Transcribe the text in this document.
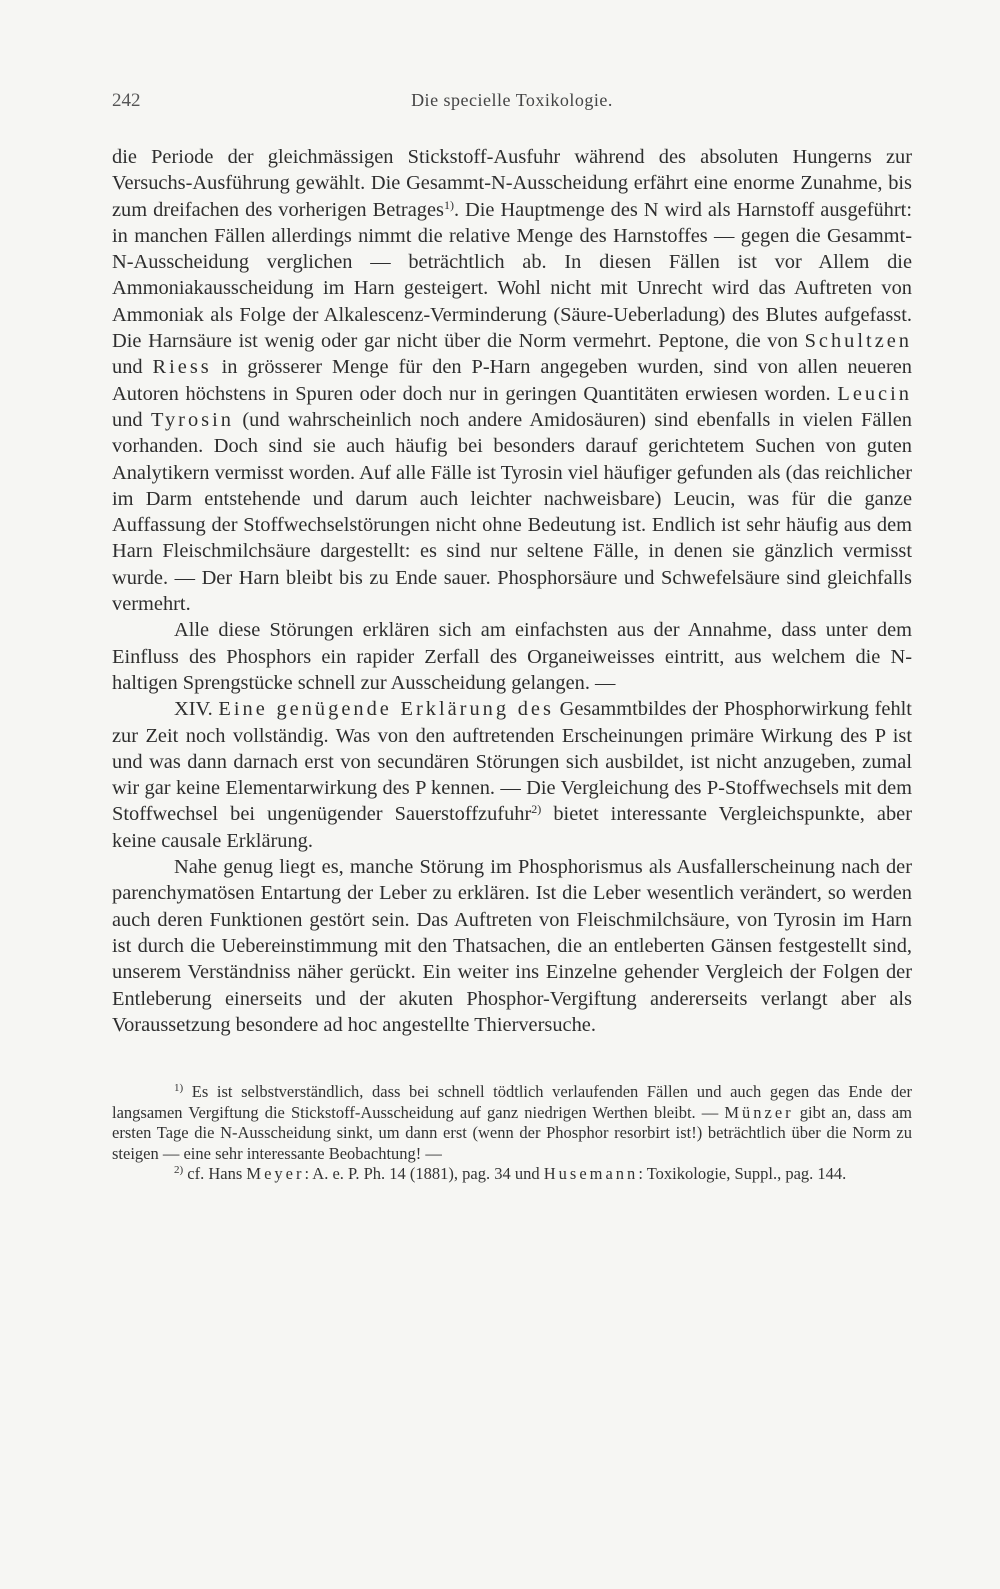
242	Die specielle Toxikologie.

die Periode der gleichmässigen Stickstoff-Ausfuhr während des absoluten Hungerns zur Versuchs-Ausführung gewählt. Die Gesammt-N-Ausscheidung erfährt eine enorme Zunahme, bis zum dreifachen des vorherigen Betrages$^{1)}$. Die Hauptmenge des N wird als Harnstoff ausgeführt: in manchen Fällen allerdings nimmt die relative Menge des Harnstoffes — gegen die Gesammt-N-Ausscheidung verglichen — beträchtlich ab. In diesen Fällen ist vor Allem die Ammoniakausscheidung im Harn gesteigert. Wohl nicht mit Unrecht wird das Auftreten von Ammoniak als Folge der Alkalescenz-Verminderung (Säure-Ueberladung) des Blutes aufgefasst. Die Harnsäure ist wenig oder gar nicht über die Norm vermehrt. Peptone, die von Schultzen und Riess in grösserer Menge für den P-Harn angegeben wurden, sind von allen neueren Autoren höchstens in Spuren oder doch nur in geringen Quantitäten erwiesen worden. Leucin und Tyrosin (und wahrscheinlich noch andere Amidosäuren) sind ebenfalls in vielen Fällen vorhanden. Doch sind sie auch häufig bei besonders darauf gerichtetem Suchen von guten Analytikern vermisst worden. Auf alle Fälle ist Tyrosin viel häufiger gefunden als (das reichlicher im Darm entstehende und darum auch leichter nachweisbare) Leucin, was für die ganze Auffassung der Stoffwechselstörungen nicht ohne Bedeutung ist. Endlich ist sehr häufig aus dem Harn Fleischmilchsäure dargestellt: es sind nur seltene Fälle, in denen sie gänzlich vermisst wurde. — Der Harn bleibt bis zu Ende sauer. Phosphorsäure und Schwefelsäure sind gleichfalls vermehrt.

Alle diese Störungen erklären sich am einfachsten aus der Annahme, dass unter dem Einfluss des Phosphors ein rapider Zerfall des Organeiweisses eintritt, aus welchem die N-haltigen Sprengstücke schnell zur Ausscheidung gelangen. —

XIV. Eine genügende Erklärung des Gesammtbildes der Phosphorwirkung fehlt zur Zeit noch vollständig. Was von den auftretenden Erscheinungen primäre Wirkung des P ist und was dann darnach erst von secundären Störungen sich ausbildet, ist nicht anzugeben, zumal wir gar keine Elementarwirkung des P kennen. — Die Vergleichung des P-Stoffwechsels mit dem Stoffwechsel bei ungenügender Sauerstoffzufuhr$^{2)}$ bietet interessante Vergleichspunkte, aber keine causale Erklärung.

Nahe genug liegt es, manche Störung im Phosphorismus als Ausfallerscheinung nach der parenchymatösen Entartung der Leber zu erklären. Ist die Leber wesentlich verändert, so werden auch deren Funktionen gestört sein. Das Auftreten von Fleischmilchsäure, von Tyrosin im Harn ist durch die Uebereinstimmung mit den Thatsachen, die an entleberten Gänsen festgestellt sind, unserem Verständniss näher gerückt. Ein weiter ins Einzelne gehender Vergleich der Folgen der Entleberung einerseits und der akuten Phosphor-Vergiftung andererseits verlangt aber als Voraussetzung besondere ad hoc angestellte Thierversuche.

$^{1)}$ Es ist selbstverständlich, dass bei schnell tödtlich verlaufenden Fällen und auch gegen das Ende der langsamen Vergiftung die Stickstoff-Ausscheidung auf ganz niedrigen Werthen bleibt. — Münzer gibt an, dass am ersten Tage die N-Ausscheidung sinkt, um dann erst (wenn der Phosphor resorbirt ist!) beträchtlich über die Norm zu steigen — eine sehr interessante Beobachtung! —

$^{2)}$ cf. Hans Meyer: A. e. P. Ph. 14 (1881), pag. 34 und Husemann: Toxikologie, Suppl., pag. 144.
